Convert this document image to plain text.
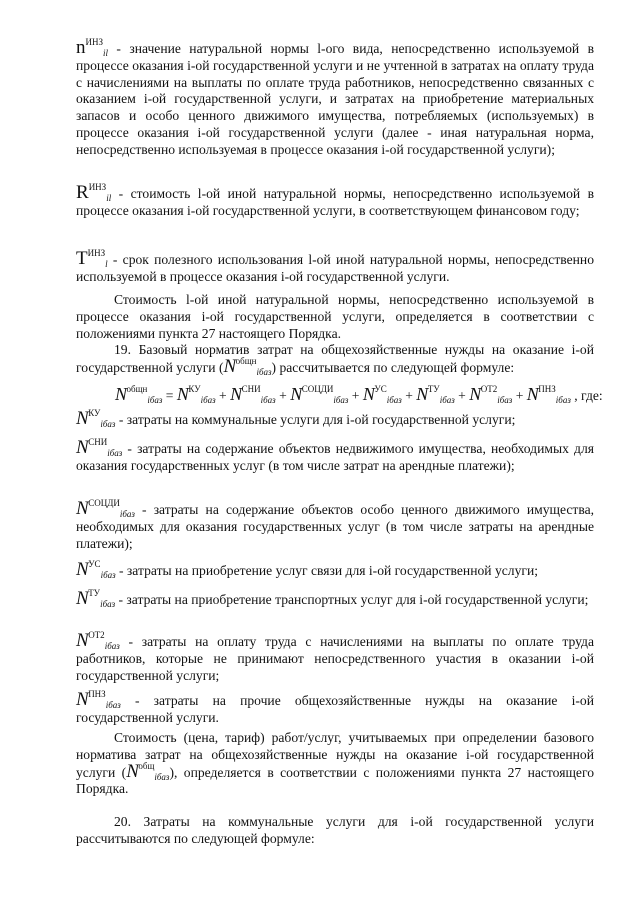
$n^{ИНЗ}_{il}$ - значение натуральной нормы l-ого вида, непосредственно используемой в процессе оказания i-ой государственной услуги и не учтенной в затратах на оплату труда с начислениями на выплаты по оплате труда работников, непосредственно связанных с оказанием i-ой государственной услуги, и затратах на приобретение материальных запасов и особо ценного движимого имущества, потребляемых (используемых) в процессе оказания i-ой государственной услуги (далее - иная натуральная норма, непосредственно используемая в процессе оказания i-ой государственной услуги);

$R^{ИНЗ}_{il}$ - стоимость l-ой иной натуральной нормы, непосредственно используемой в процессе оказания i-ой государственной услуги, в соответствующем финансовом году;

$T^{ИНЗ}_l$ - срок полезного использования l-ой иной натуральной нормы, непосредственно используемой в процессе оказания i-ой государственной услуги.

Стоимость l-ой иной натуральной нормы, непосредственно используемой в процессе оказания i-ой государственной услуги, определяется в соответствии с положениями пункта 27 настоящего Порядка.

19. Базовый норматив затрат на общехозяйственные нужды на оказание i-ой государственной услуги $(N^{общн}_{iбаз})$ рассчитывается по следующей формуле:

$N^{общн}_{iбаз} = N^{КУ}_{iбаз} + N^{СНИ}_{iбаз} + N^{СОЦДИ}_{iбаз} + N^{УС}_{iбаз} + N^{ТУ}_{iбаз} + N^{ОТ2}_{iбаз} + N^{ПНЗ}_{iбаз}$ , где:

$N^{КУ}_{iбаз}$ - затраты на коммунальные услуги для i-ой государственной услуги;

$N^{СНИ}_{iбаз}$ - затраты на содержание объектов недвижимого имущества, необходимых для оказания государственных услуг (в том числе затрат на арендные платежи);

$N^{СОЦДИ}_{iбаз}$ - затраты на содержание объектов особо ценного движимого имущества, необходимых для оказания государственных услуг (в том числе затраты на арендные платежи);

$N^{УС}_{iбаз}$ - затраты на приобретение услуг связи для i-ой государственной услуги;

$N^{ТУ}_{iбаз}$ - затраты на приобретение транспортных услуг для i-ой государственной услуги;

$N^{ОТ2}_{iбаз}$ - затраты на оплату труда с начислениями на выплаты по оплате труда работников, которые не принимают непосредственного участия в оказании i-ой государственной услуги;

$N^{ПНЗ}_{iбаз}$ - затраты на прочие общехозяйственные нужды на оказание i-ой государственной услуги.

Стоимость (цена, тариф) работ/услуг, учитываемых при определении базового норматива затрат на общехозяйственные нужды на оказание i-ой государственной услуги $(N^{общ}_{iбаз})$, определяется в соответствии с положениями пункта 27 настоящего Порядка.

20. Затраты на коммунальные услуги для i-ой государственной услуги рассчитываются по следующей формуле:
